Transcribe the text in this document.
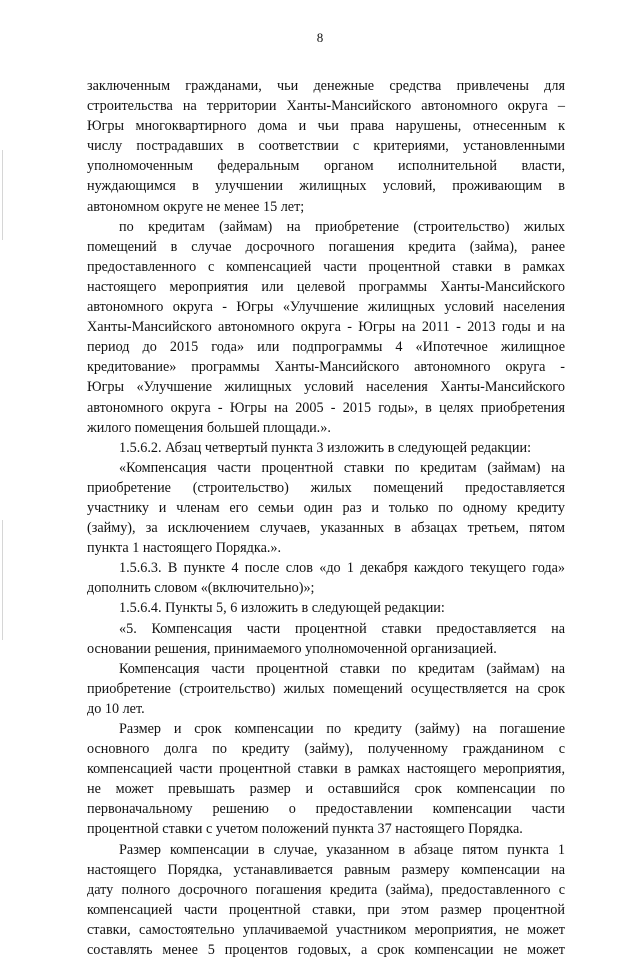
8
заключенным гражданами, чьи денежные средства привлечены для
строительства на территории Ханты-Мансийского автономного округа –
Югры многоквартирного дома и чьи права нарушены, отнесенным к
числу пострадавших в соответствии с критериями, установленными
уполномоченным федеральным органом исполнительной власти,
нуждающимся в улучшении жилищных условий, проживающим в
автономном округе не менее 15 лет;
по кредитам (займам) на приобретение (строительство) жилых
помещений в случае досрочного погашения кредита (займа), ранее
предоставленного с компенсацией части процентной ставки в рамках
настоящего мероприятия или целевой программы Ханты-Мансийского
автономного округа - Югры «Улучшение жилищных условий населения
Ханты-Мансийского автономного округа - Югры на 2011 - 2013 годы и на
период до 2015 года» или подпрограммы 4 «Ипотечное жилищное
кредитование» программы Ханты-Мансийского автономного округа -
Югры «Улучшение жилищных условий населения Ханты-Мансийского
автономного округа - Югры на 2005 - 2015 годы», в целях приобретения
жилого помещения большей площади.».
1.5.6.2. Абзац четвертый пункта 3 изложить в следующей редакции:
«Компенсация части процентной ставки по кредитам (займам) на
приобретение (строительство) жилых помещений предоставляется
участнику и членам его семьи один раз и только по одному кредиту
(займу), за исключением случаев, указанных в абзацах третьем, пятом
пункта 1 настоящего Порядка.».
1.5.6.3. В пункте 4 после слов «до 1 декабря каждого текущего года»
дополнить словом «(включительно)»;
1.5.6.4. Пункты 5, 6 изложить в следующей редакции:
«5. Компенсация части процентной ставки предоставляется на
основании решения, принимаемого уполномоченной организацией.
Компенсация части процентной ставки по кредитам (займам) на
приобретение (строительство) жилых помещений осуществляется на срок
до 10 лет.
Размер и срок компенсации по кредиту (займу) на погашение
основного долга по кредиту (займу), полученному гражданином с
компенсацией части процентной ставки в рамках настоящего мероприятия,
не может превышать размер и оставшийся срок компенсации по
первоначальному решению о предоставлении компенсации части
процентной ставки с учетом положений пункта 37 настоящего Порядка.
Размер компенсации в случае, указанном в абзаце пятом пункта 1
настоящего Порядка, устанавливается равным размеру компенсации на
дату полного досрочного погашения кредита (займа), предоставленного с
компенсацией части процентной ставки, при этом размер процентной
ставки, самостоятельно уплачиваемой участником мероприятия, не может
составлять менее 5 процентов годовых, а срок компенсации не может
